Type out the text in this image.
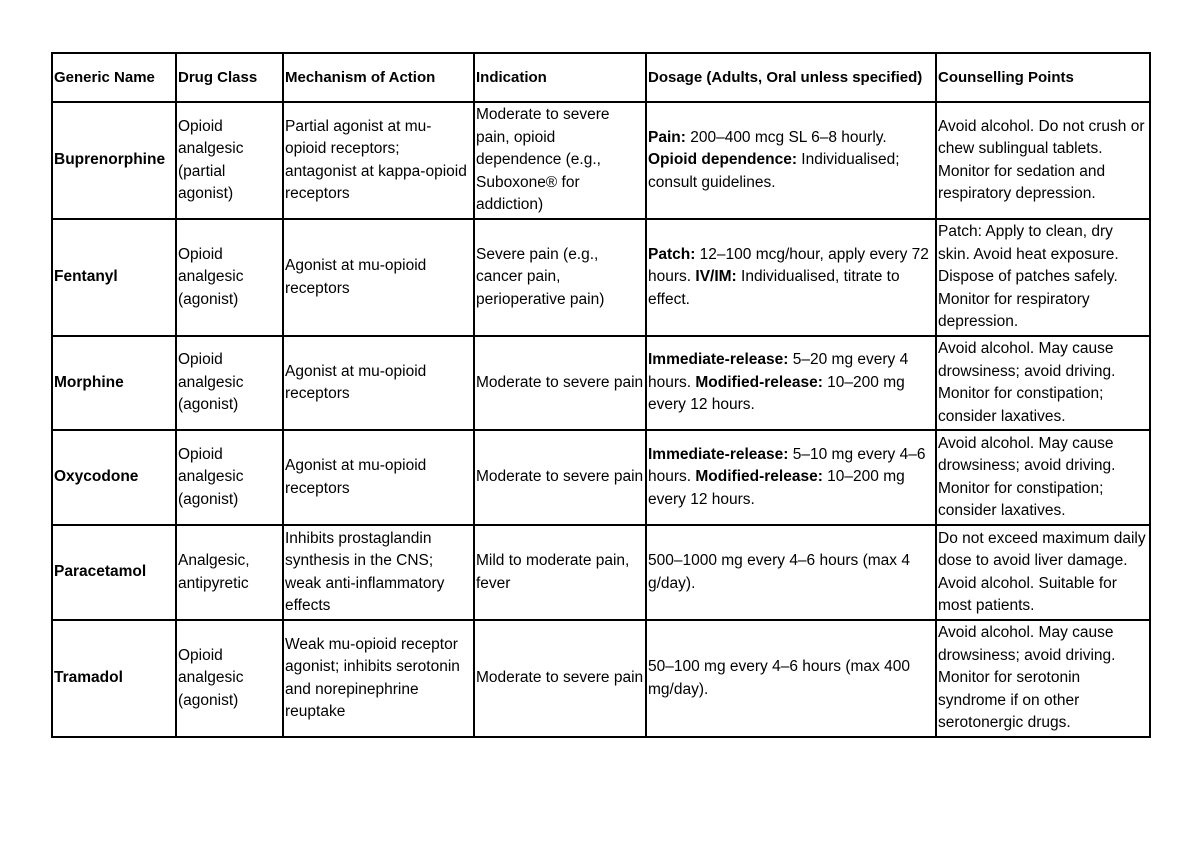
Generic Name	Drug Class	Mechanism of Action	Indication	Dosage (Adults, Oral unless specified)	Counselling Points
Buprenorphine	Opioid analgesic (partial agonist)	Partial agonist at mu-opioid receptors; antagonist at kappa-opioid receptors	Moderate to severe pain, opioid dependence (e.g., Suboxone® for addiction)	Pain: 200–400 mcg SL 6–8 hourly. Opioid dependence: Individualised; consult guidelines.	Avoid alcohol. Do not crush or chew sublingual tablets. Monitor for sedation and respiratory depression.
Fentanyl	Opioid analgesic (agonist)	Agonist at mu-opioid receptors	Severe pain (e.g., cancer pain, perioperative pain)	Patch: 12–100 mcg/hour, apply every 72 hours. IV/IM: Individualised, titrate to effect.	Patch: Apply to clean, dry skin. Avoid heat exposure. Dispose of patches safely. Monitor for respiratory depression.
Morphine	Opioid analgesic (agonist)	Agonist at mu-opioid receptors	Moderate to severe pain	Immediate-release: 5–20 mg every 4 hours. Modified-release: 10–200 mg every 12 hours.	Avoid alcohol. May cause drowsiness; avoid driving. Monitor for constipation; consider laxatives.
Oxycodone	Opioid analgesic (agonist)	Agonist at mu-opioid receptors	Moderate to severe pain	Immediate-release: 5–10 mg every 4–6 hours. Modified-release: 10–200 mg every 12 hours.	Avoid alcohol. May cause drowsiness; avoid driving. Monitor for constipation; consider laxatives.
Paracetamol	Analgesic, antipyretic	Inhibits prostaglandin synthesis in the CNS; weak anti-inflammatory effects	Mild to moderate pain, fever	500–1000 mg every 4–6 hours (max 4 g/day).	Do not exceed maximum daily dose to avoid liver damage. Avoid alcohol. Suitable for most patients.
Tramadol	Opioid analgesic (agonist)	Weak mu-opioid receptor agonist; inhibits serotonin and norepinephrine reuptake	Moderate to severe pain	50–100 mg every 4–6 hours (max 400 mg/day).	Avoid alcohol. May cause drowsiness; avoid driving. Monitor for serotonin syndrome if on other serotonergic drugs.
